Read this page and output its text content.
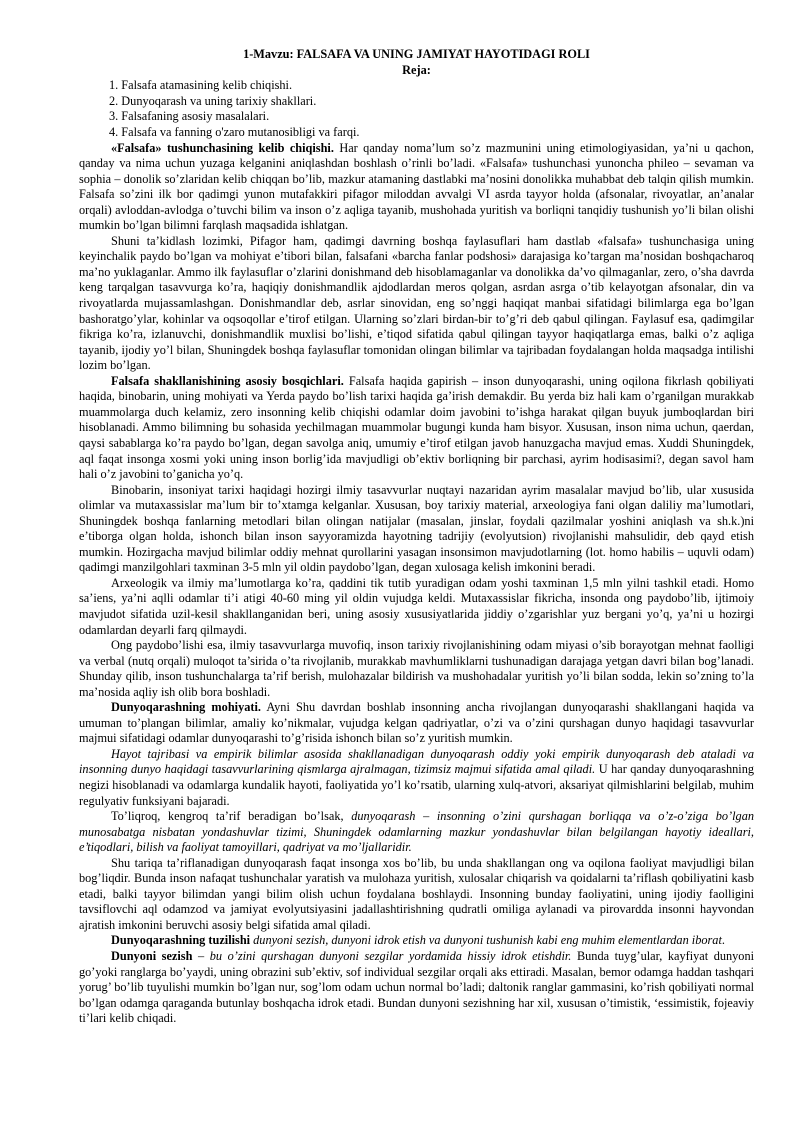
1-Mavzu: FALSAFA VA UNING JAMIYAT HAYOTIDAGI ROLI
Reja:
1. Falsafa atamasining kelib chiqishi.
2. Dunyoqarash va uning tarixiy shakllari.
3. Falsafaning asosiy masalalari.
4. Falsafa va fanning o'zaro mutanosibligi va farqi.

«Falsafa» tushunchasining kelib chiqishi. Har qanday noma’lum so’z mazmunini uning etimologiyasidan, ya’ni u qachon, qanday va nima uchun yuzaga kelganini aniqlashdan boshlash o’rinli bo’ladi. «Falsafa» tushunchasi yunoncha phileo – sevaman va sophia – donolik so’zlaridan kelib chiqqan bo’lib, mazkur atamaning dastlabki ma’nosini donolikka muhabbat deb talqin qilish mumkin. Falsafa so’zini ilk bor qadimgi yunon mutafakkiri pifagor miloddan avvalgi VI asrda tayyor holda (afsonalar, rivoyatlar, an’analar orqali) avloddan-avlodga o’tuvchi bilim va inson o’z aqliga tayanib, mushohada yuritish va borliqni tanqidiy tushunish yo’li bilan olishi mumkin bo’lgan bilimni farqlash maqsadida ishlatgan.

Shuni ta’kidlash lozimki, Pifagor ham, qadimgi davrning boshqa faylasuflari ham dastlab «falsafa» tushunchasiga uning keyinchalik paydo bo’lgan va mohiyat e’tibori bilan, falsafani «barcha fanlar podshosi» darajasiga ko’targan ma’nosidan boshqacharoq ma’no yuklaganlar. Ammo ilk faylasuflar o’zlarini donishmand deb hisoblamaganlar va donolikka da’vo qilmaganlar, zero, o’sha davrda keng tarqalgan tasavvurga ko’ra, haqiqiy donishmandlik ajdodlardan meros qolgan, asrdan asrga o’tib kelayotgan afsonalar, din va rivoyatlarda mujassamlashgan. Donishmandlar deb, asrlar sinovidan, eng so’nggi haqiqat manbai sifatidagi bilimlarga ega bo’lgan bashoratgo’ylar, kohinlar va oqsoqollar e’tirof etilgan. Ularning so’zlari birdan-bir to’g’ri deb qabul qilingan. Faylasuf esa, qadimgilar fikriga ko’ra, izlanuvchi, donishmandlik muxlisi bo’lishi, e’tiqod sifatida qabul qilingan tayyor haqiqatlarga emas, balki o’z aqliga tayanib, ijodiy yo’l bilan, Shuningdek boshqa faylasuflar tomonidan olingan bilimlar va tajribadan foydalangan holda maqsadga intilishi lozim bo’lgan.

Falsafa shakllanishining asosiy bosqichlari. Falsafa haqida gapirish – inson dunyoqarashi, uning oqilona fikrlash qobiliyati haqida, binobarin, uning mohiyati va Yerda paydo bo’lish tarixi haqida ga’irish demakdir. Bu yerda biz hali kam o’rganilgan murakkab muammolarga duch kelamiz, zero insonning kelib chiqishi odamlar doim javobini to’ishga harakat qilgan buyuk jumboqlardan biri hisoblanadi. Ammo bilimning bu sohasida yechilmagan muammolar bugungi kunda ham bisyor. Xususan, inson nima uchun, qaerdan, qaysi sabablarga ko’ra paydo bo’lgan, degan savolga aniq, umumiy e’tirof etilgan javob hanuzgacha mavjud emas. Xuddi Shuningdek, aql faqat insonga xosmi yoki uning inson borlig’ida mavjudligi ob’ektiv borliqning bir parchasi, ayrim hodisasimi?, degan savol ham hali o’z javobini to’ganicha yo’q.

Binobarin, insoniyat tarixi haqidagi hozirgi ilmiy tasavvurlar nuqtayi nazaridan ayrim masalalar mavjud bo’lib, ular xususida olimlar va mutaxassislar ma’lum bir to’xtamga kelganlar. Xususan, boy tarixiy material, arxeologiya fani olgan daliliy ma’lumotlari, Shuningdek boshqa fanlarning metodlari bilan olingan natijalar (masalan, jinslar, foydali qazilmalar yoshini aniqlash va sh.k.)ni e’tiborga olgan holda, ishonch bilan inson sayyoramizda hayotning tadrijiy (evolyutsion) rivojlanishi mahsulidir, deb qayd etish mumkin. Hozirgacha mavjud bilimlar oddiy mehnat qurollarini yasagan insonsimon mavjudotlarning (lot. homo habilis – uquvli odam) qadimgi manzilgohlari taxminan 3-5 mln yil oldin paydobo’lgan, degan xulosaga kelish imkonini beradi.

Arxeologik va ilmiy ma’lumotlarga ko’ra, qaddini tik tutib yuradigan odam yoshi taxminan 1,5 mln yilni tashkil etadi. Homo sa’iens, ya’ni aqlli odamlar ti’i atigi 40-60 ming yil oldin vujudga keldi. Mutaxassislar fikricha, insonda ong paydobo’lib, ijtimoiy mavjudot sifatida uzil-kesil shakllanganidan beri, uning asosiy xususiyatlarida jiddiy o’zgarishlar yuz bergani yo’q, ya’ni u hozirgi odamlardan deyarli farq qilmaydi.

Ong paydobo’lishi esa, ilmiy tasavvurlarga muvofiq, inson tarixiy rivojlanishining odam miyasi o’sib borayotgan mehnat faolligi va verbal (nutq orqali) muloqot ta’sirida o’ta rivojlanib, murakkab mavhumliklarni tushunadigan darajaga yetgan davri bilan bog’lanadi. Shunday qilib, inson tushunchalarga ta’rif berish, mulohazalar bildirish va mushohadalar yuritish yo’li bilan sodda, lekin so’zning to’la ma’nosida aqliy ish olib bora boshladi.

Dunyoqarashning mohiyati. Ayni Shu davrdan boshlab insonning ancha rivojlangan dunyoqarashi shakllangani haqida va umuman to’plangan bilimlar, amaliy ko’nikmalar, vujudga kelgan qadriyatlar, o’zi va o’zini qurshagan dunyo haqidagi tasavvurlar majmui sifatidagi odamlar dunyoqarashi to’g’risida ishonch bilan so’z yuritish mumkin.

Hayot tajribasi va empirik bilimlar asosida shakllanadigan dunyoqarash oddiy yoki empirik dunyoqarash deb ataladi va insonning dunyo haqidagi tasavvurlarining qismlarga ajralmagan, tizimsiz majmui sifatida amal qiladi. U har qanday dunyoqarashning negizi hisoblanadi va odamlarga kundalik hayoti, faoliyatida yo’l ko’rsatib, ularning xulq-atvori, aksariyat qilmishlarini belgilab, muhim regulyativ funksiyani bajaradi.

To’liqroq, kengroq ta’rif beradigan bo’lsak, dunyoqarash – insonning o’zini qurshagan borliqqa va o’z-o’ziga bo’lgan munosabatga nisbatan yondashuvlar tizimi, Shuningdek odamlarning mazkur yondashuvlar bilan belgilangan hayotiy ideallari, e’tiqodlari, bilish va faoliyat tamoyillari, qadriyat va mo’ljallaridir.

Shu tariqa ta’riflanadigan dunyoqarash faqat insonga xos bo’lib, bu unda shakllangan ong va oqilona faoliyat mavjudligi bilan bog’liqdir. Bunda inson nafaqat tushunchalar yaratish va mulohaza yuritish, xulosalar chiqarish va qoidalarni ta’riflash qobiliyatini kasb etadi, balki tayyor bilimdan yangi bilim olish uchun foydalana boshlaydi. Insonning bunday faoliyatini, uning ijodiy faolligini tavsiflovchi aql odamzod va jamiyat evolyutsiyasini jadallashtirishning qudratli omiliga aylanadi va pirovardda insonni hayvondan ajratish imkonini beruvchi asosiy belgi sifatida amal qiladi.

Dunyoqarashning tuzilishi dunyoni sezish, dunyoni idrok etish va dunyoni tushunish kabi eng muhim elementlardan iborat.

Dunyoni sezish – bu o’zini qurshagan dunyoni sezgilar yordamida hissiy idrok etishdir. Bunda tuyg’ular, kayfiyat dunyoni go’yoki ranglarga bo’yaydi, uning obrazini sub’ektiv, sof individual sezgilar orqali aks ettiradi. Masalan, bemor odamga haddan tashqari yorug’ bo’lib tuyulishi mumkin bo’lgan nur, sog’lom odam uchun normal bo’ladi; daltonik ranglar gammasini, ko’rish qobiliyati normal bo’lgan odamga qaraganda butunlay boshqacha idrok etadi. Bundan dunyoni sezishning har xil, xususan o’timistik, ‘essimistik, fojeaviy ti’lari kelib chiqadi.
